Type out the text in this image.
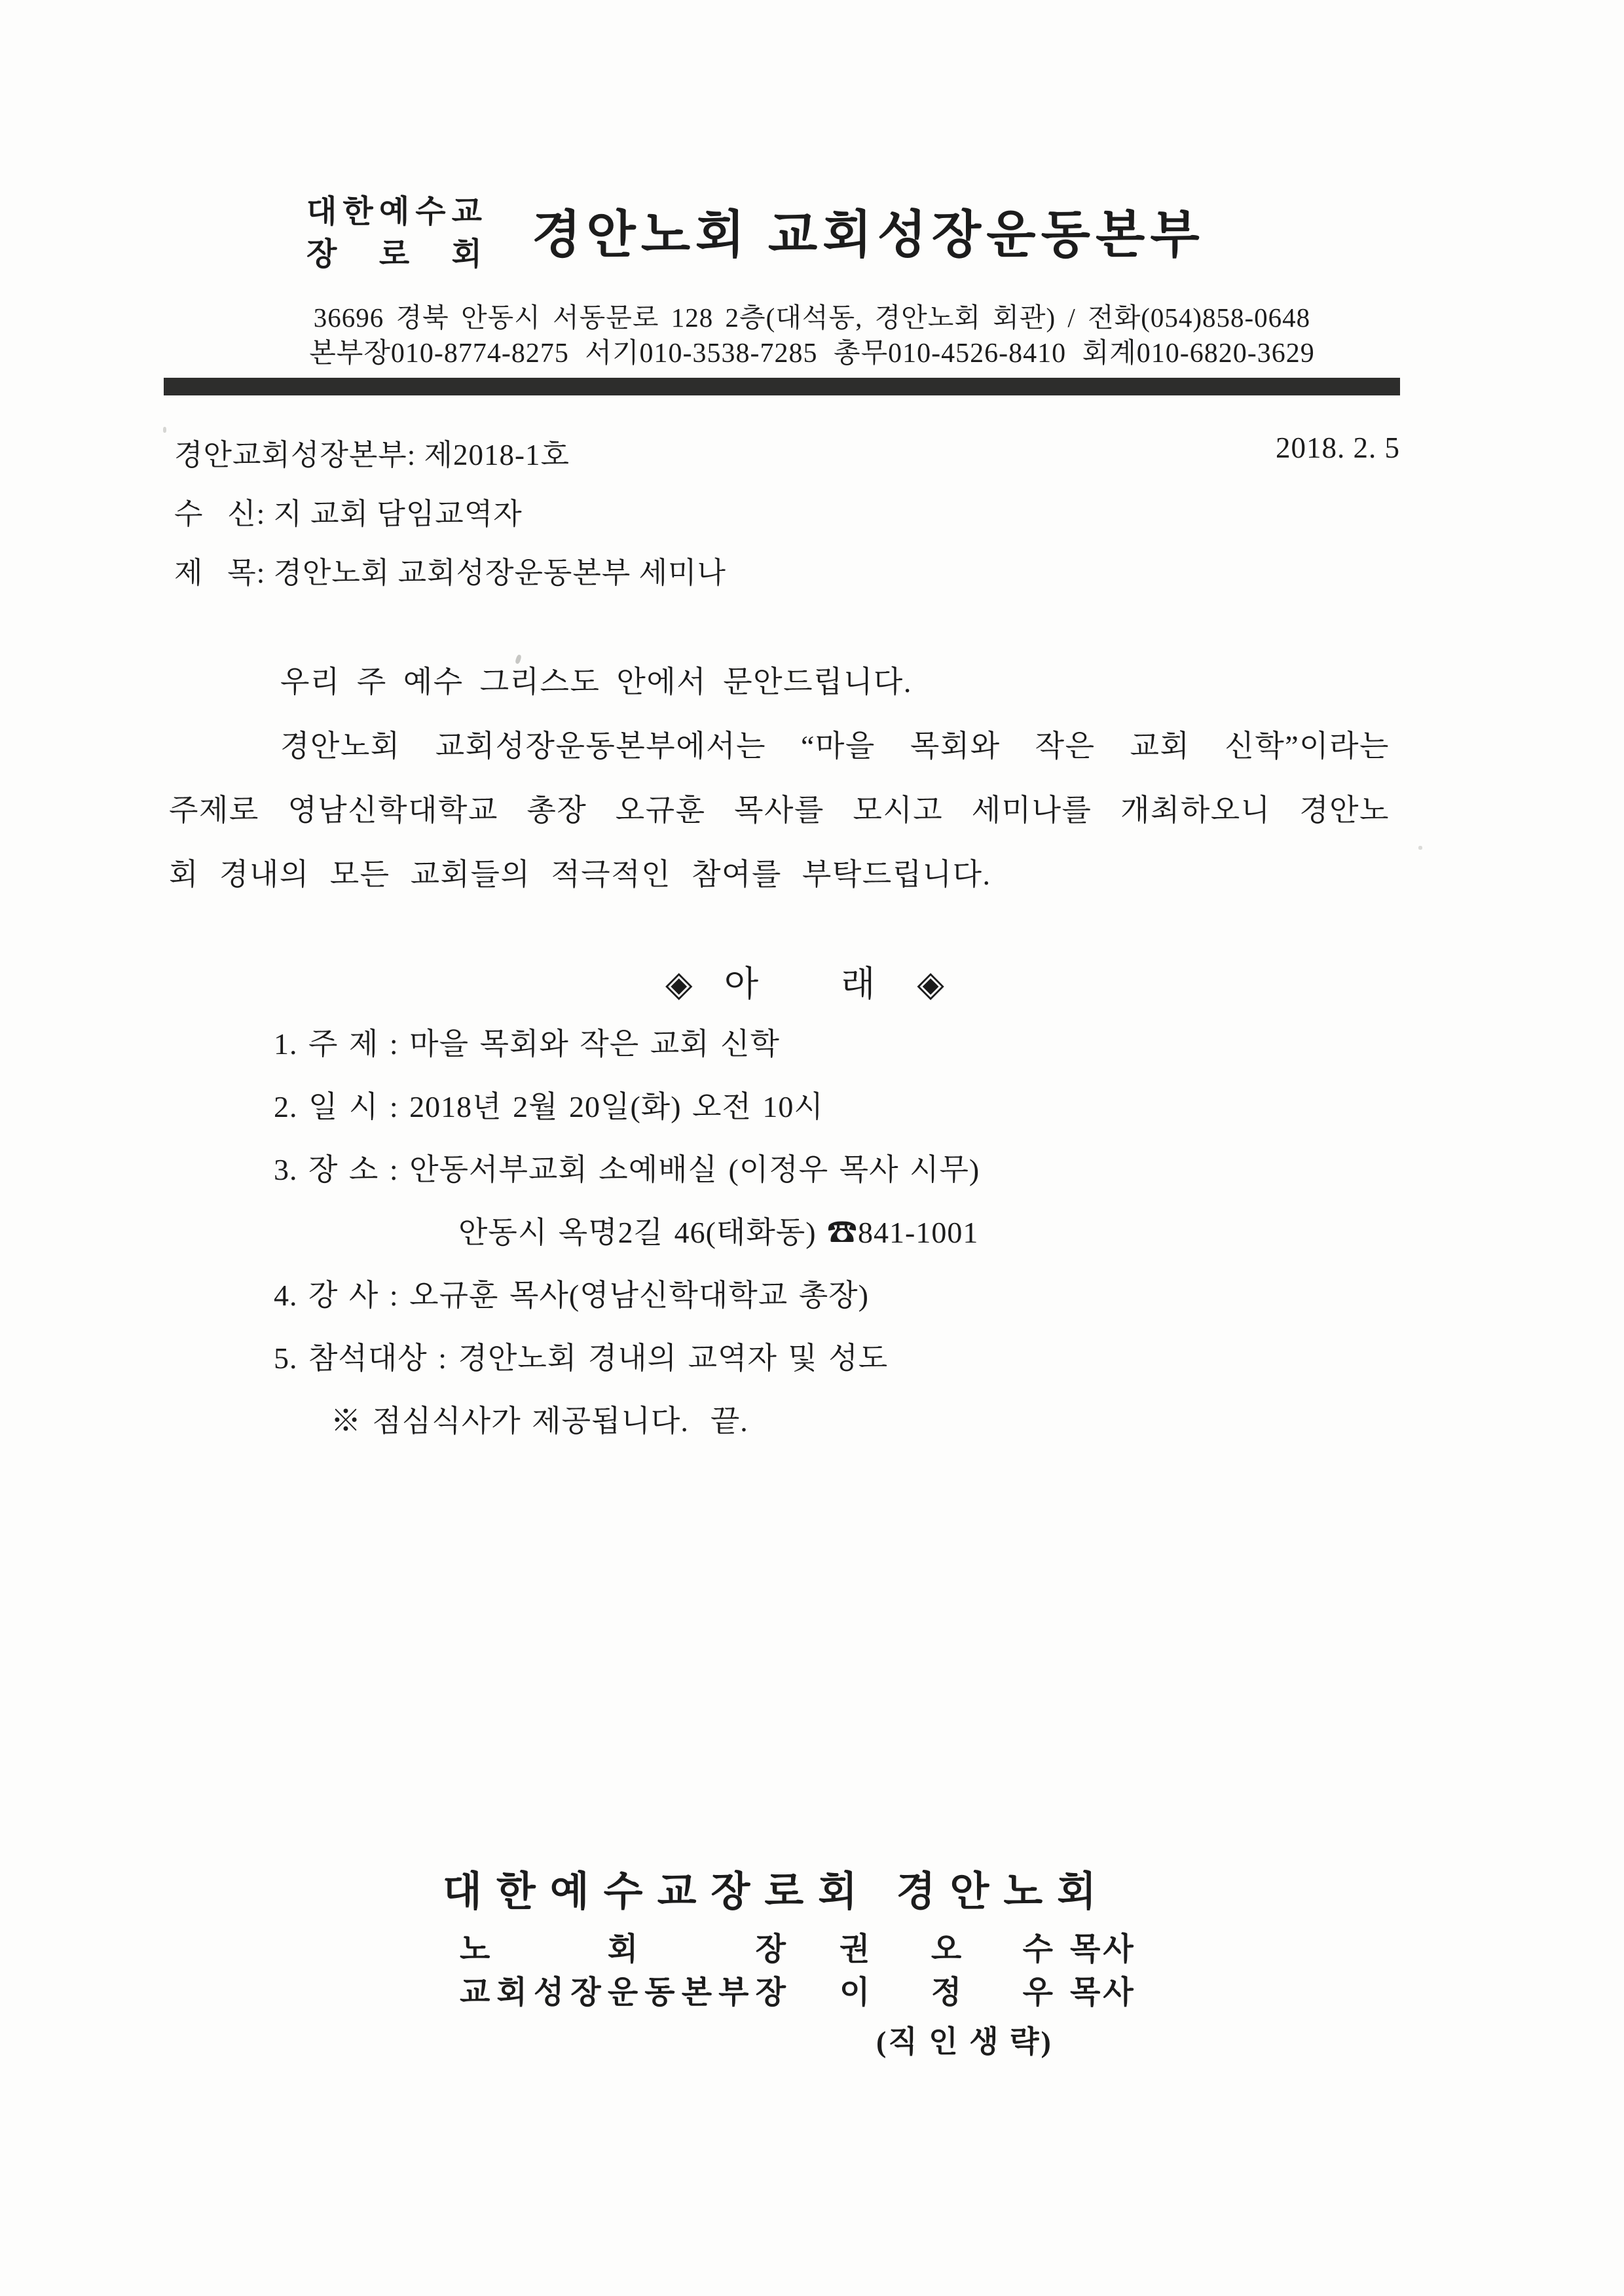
대 한 예 수 교
장 로 회 경안노회 교회성장운동본부
36696 경북 안동시 서동문로 128 2층(대석동, 경안노회 회관) / 전화(054)858-0648
본부장010-8774-8275 서기010-3538-7285 총무010-4526-8410 회계010-6820-3629
경안교회성장본부: 제2018-1호	2018. 2. 5
수   신: 지 교회 담임교역자
제   목: 경안노회 교회성장운동본부 세미나
우리 주 예수 그리스도 안에서 문안드립니다.
경안노회 교회성장운동본부에서는 “마을 목회와 작은 교회 신학”이라는
주제로 영남신학대학교 총장 오규훈 목사를 모시고 세미나를 개최하오니 경안노
회 경내의 모든 교회들의 적극적인 참여를 부탁드립니다.
◈   아        래    ◈
1. 주 제 : 마을 목회와 작은 교회 신학
2. 일 시 : 2018년 2월 20일(화) 오전 10시
3. 장 소 : 안동서부교회 소예배실 (이정우 목사 시무)
안동시 옥명2길 46(태화동) ☎841-1001
4. 강 사 : 오규훈 목사(영남신학대학교 총장)
5. 참석대상 : 경안노회 경내의 교역자 및 성도
※ 점심식사가 제공됩니다.  끝.
대한예수교장로회 경안노회
노	회	장 권 오 수 목사
교 회 성 장 운 동 본 부 장 이 정 우 목사
(직 인 생 략)
